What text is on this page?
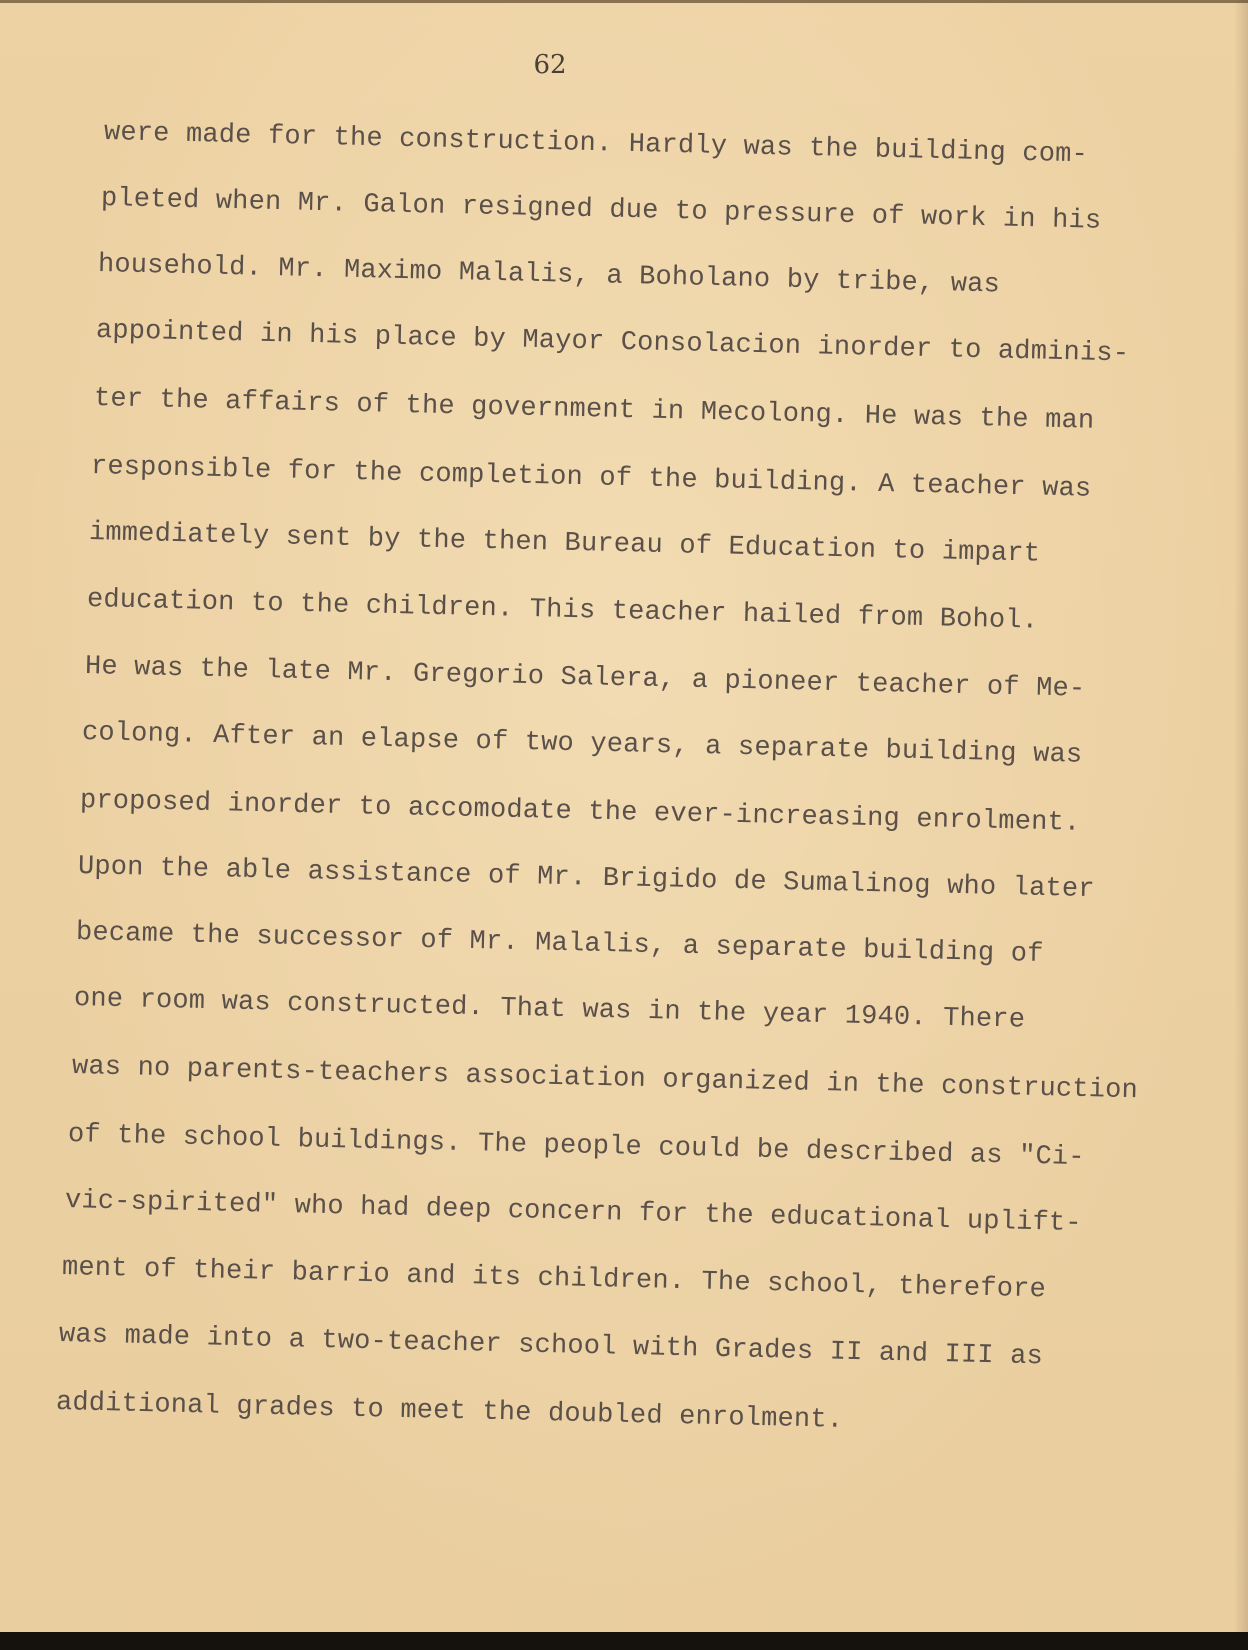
62
were made for the construction. Hardly was the building com-
pleted when Mr. Galon resigned due to pressure of work in his
household. Mr. Maximo Malalis, a Boholano by tribe, was
appointed in his place by Mayor Consolacion inorder to adminis-
ter the affairs of the government in Mecolong. He was the man
responsible for the completion of the building. A teacher was
immediately sent by the then Bureau of Education to impart
education to the children. This teacher hailed from Bohol.
He was the late Mr. Gregorio Salera, a pioneer teacher of Me-
colong. After an elapse of two years, a separate building was
proposed inorder to accomodate the ever-increasing enrolment.
Upon the able assistance of Mr. Brigido de Sumalinog who later
became the successor of Mr. Malalis, a separate building of
one room was constructed. That was in the year 1940. There
was no parents-teachers association organized in the construction
of the school buildings. The people could be described as "Ci-
vic-spirited" who had deep concern for the educational uplift-
ment of their barrio and its children. The school, therefore
was made into a two-teacher school with Grades II and III as
additional grades to meet the doubled enrolment.
